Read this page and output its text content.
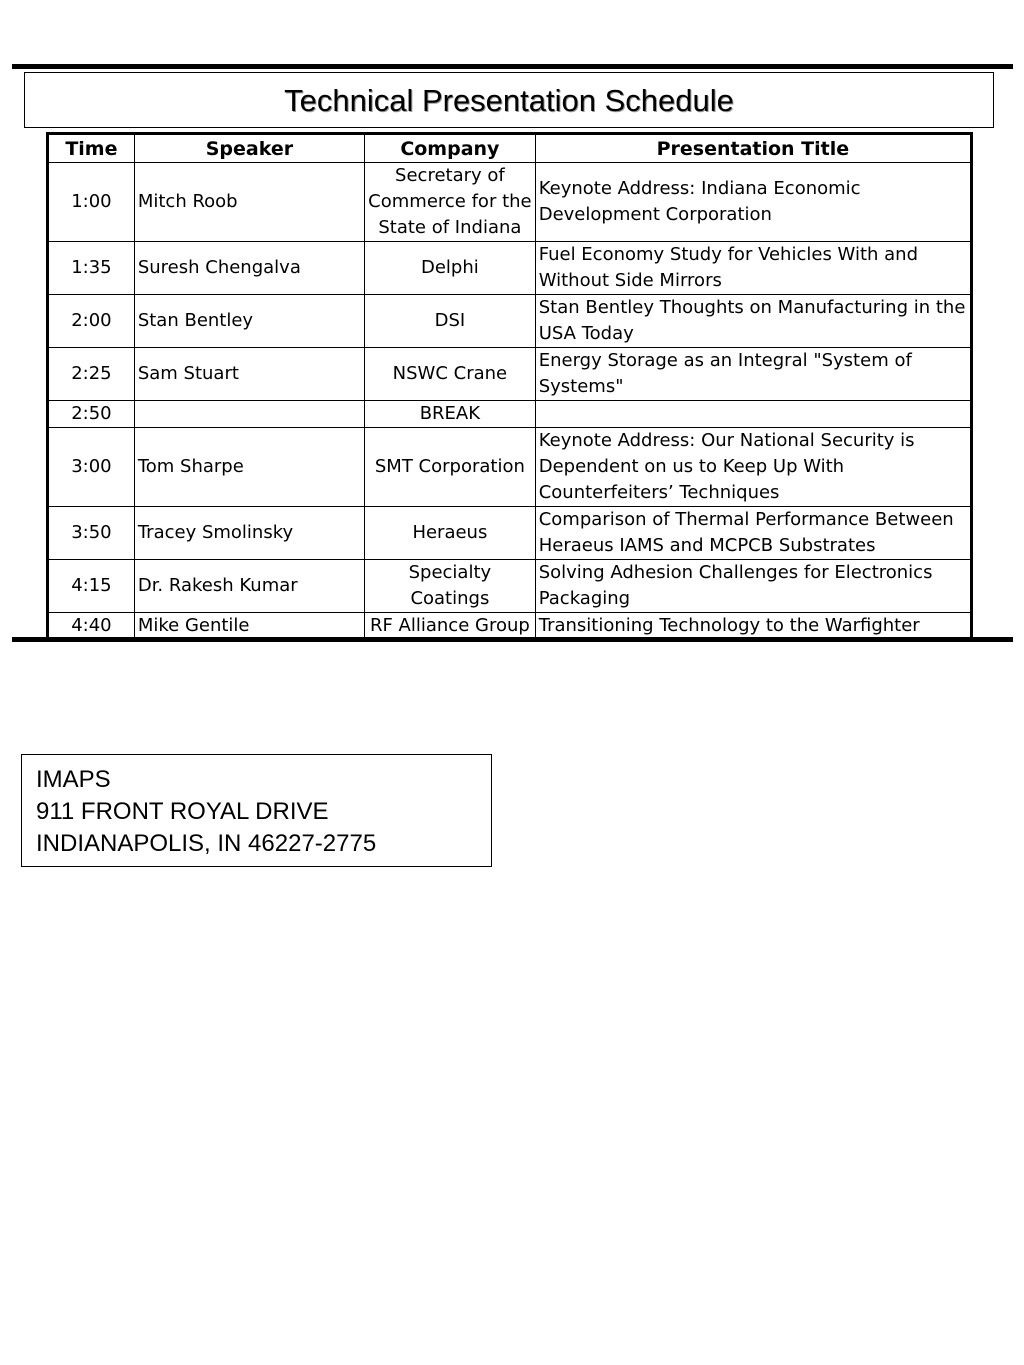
Technical Presentation Schedule
Time	Speaker	Company	Presentation Title
1:00	Mitch Roob	Secretary of Commerce for the State of Indiana	Keynote Address: Indiana Economic Development Corporation
1:35	Suresh Chengalva	Delphi	Fuel Economy Study for Vehicles With and Without Side Mirrors
2:00	Stan Bentley	DSI	Stan Bentley Thoughts on Manufacturing in the USA Today
2:25	Sam Stuart	NSWC Crane	Energy Storage as an Integral "System of Systems"
2:50		BREAK	
3:00	Tom Sharpe	SMT Corporation	Keynote Address: Our National Security is Dependent on us to Keep Up With Counterfeiters’ Techniques
3:50	Tracey Smolinsky	Heraeus	Comparison of Thermal Performance Between Heraeus IAMS and MCPCB Substrates
4:15	Dr. Rakesh Kumar	Specialty Coatings	Solving Adhesion Challenges for Electronics Packaging
4:40	Mike Gentile	RF Alliance Group	Transitioning Technology to the Warfighter
IMAPS
911 FRONT ROYAL DRIVE
INDIANAPOLIS, IN 46227-2775
